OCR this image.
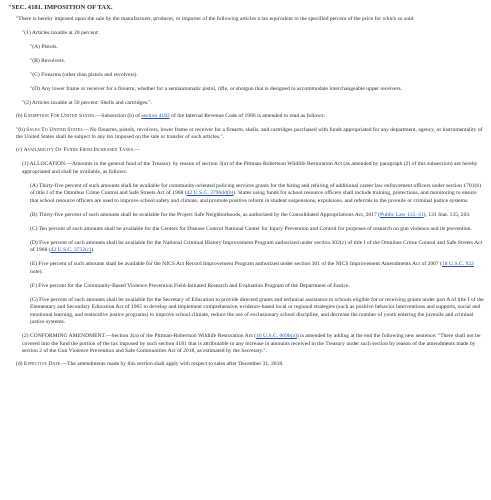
"SEC. 4181. IMPOSITION OF TAX.

"There is hereby imposed upon the sale by the manufacturer, producer, or importer of the following articles a tax equivalent to the specified percent of the price for which so sold:

"(1) Articles taxable at 20 percent:

"(A) Pistols.

"(B) Revolvers.

"(C) Firearms (other than pistols and revolvers).

"(D) Any lower frame or receiver for a firearm, whether for a semiautomatic pistol, rifle, or shotgun that is designed to accommodate interchangeable upper receivers.

"(2) Articles taxable at 50 percent: Shells and cartridges.".

(b) Exemption For United States.—Subsection (b) of section 4182 of the Internal Revenue Code of 1986 is amended to read as follows:

"(b) Sales To United States.—No firearms, pistols, revolvers, lower frame or receiver for a firearm, shells, and cartridges purchased with funds appropriated for any department, agency, or instrumentality of the United States shall be subject to any tax imposed on the sale or transfer of such articles.".

(c) Availability Of Funds From Increased Taxes.—

(1) ALLOCATION.—Amounts in the general fund of the Treasury by reason of section 3(a) of the Pittman-Robertson Wildlife Restoration Act (as amended by paragraph (2) of this subsection) are hereby appropriated and shall be available, as follows:

(A) Thirty-five percent of such amounts shall be available for community-oriented policing services grants for the hiring and rehiring of additional career law enforcement officers under section 1701(b) of title I of the Omnibus Crime Control and Safe Streets Act of 1968 (42 U.S.C. 3796dd(b)). States using funds for school resource officers shall include training, protections, and monitoring to ensure that school resource officers are used to improve school safety and climate, and promote positive reform in student suspensions, expulsions, and referrals to the juvenile or criminal justice systems.

(B) Thirty-five percent of such amounts shall be available for the Project Safe Neighborhoods, as authorized by the Consolidated Appropriations Act, 2017 (Public Law 115–31), 131 Stat. 135, 203.

(C) Ten percent of such amounts shall be available for the Centers for Disease Control National Center for Injury Prevention and Control for purposes of research on gun violence and its prevention.

(D) Five percent of such amounts shall be available for the National Criminal History Improvement Program authorized under section 302(c) of title I of the Omnibus Crime Control and Safe Streets Act of 1968 (42 U.S.C. 3732(c)).

(E) Five percent of such amounts shall be available for the NICS Act Record Improvement Program authorized under section 301 of the NICS Improvement Amendments Act of 2007 (18 U.S.C. 922 note).

(F) Five percent for the Community-Based Violence Prevention Field-Initiated Research and Evaluation Program of the Department of Justice.

(G) Five percent of such amounts shall be available for the Secretary of Education to provide directed grants and technical assistance to schools eligible for or receiving grants under part A of title I of the Elementary and Secondary Education Act of 1965 to develop and implement comprehensive, evidence-based local or regional strategies (such as positive behavior interventions and supports, social and emotional learning, and restorative justice programs) to improve school climate, reduce the use of exclusionary school discipline, and decrease the number of youth entering the juvenile and criminal justice systems.

(2) CONFORMING AMENDMENT.—Section 3(a) of the Pittman-Robertson Wildlife Restoration Act (16 U.S.C. 669b(a)) is amended by adding at the end the following new sentence: "There shall not be covered into the fund the portion of the tax imposed by such section 4181 that is attributable to any increase in amounts received in the Treasury under such section by reason of the amendments made by section 2 of the Gun Violence Prevention and Safe Communities Act of 2018, as estimated by the Secretary.".

(d) Effective Date.—The amendments made by this section shall apply with respect to sales after December 31, 2018.
